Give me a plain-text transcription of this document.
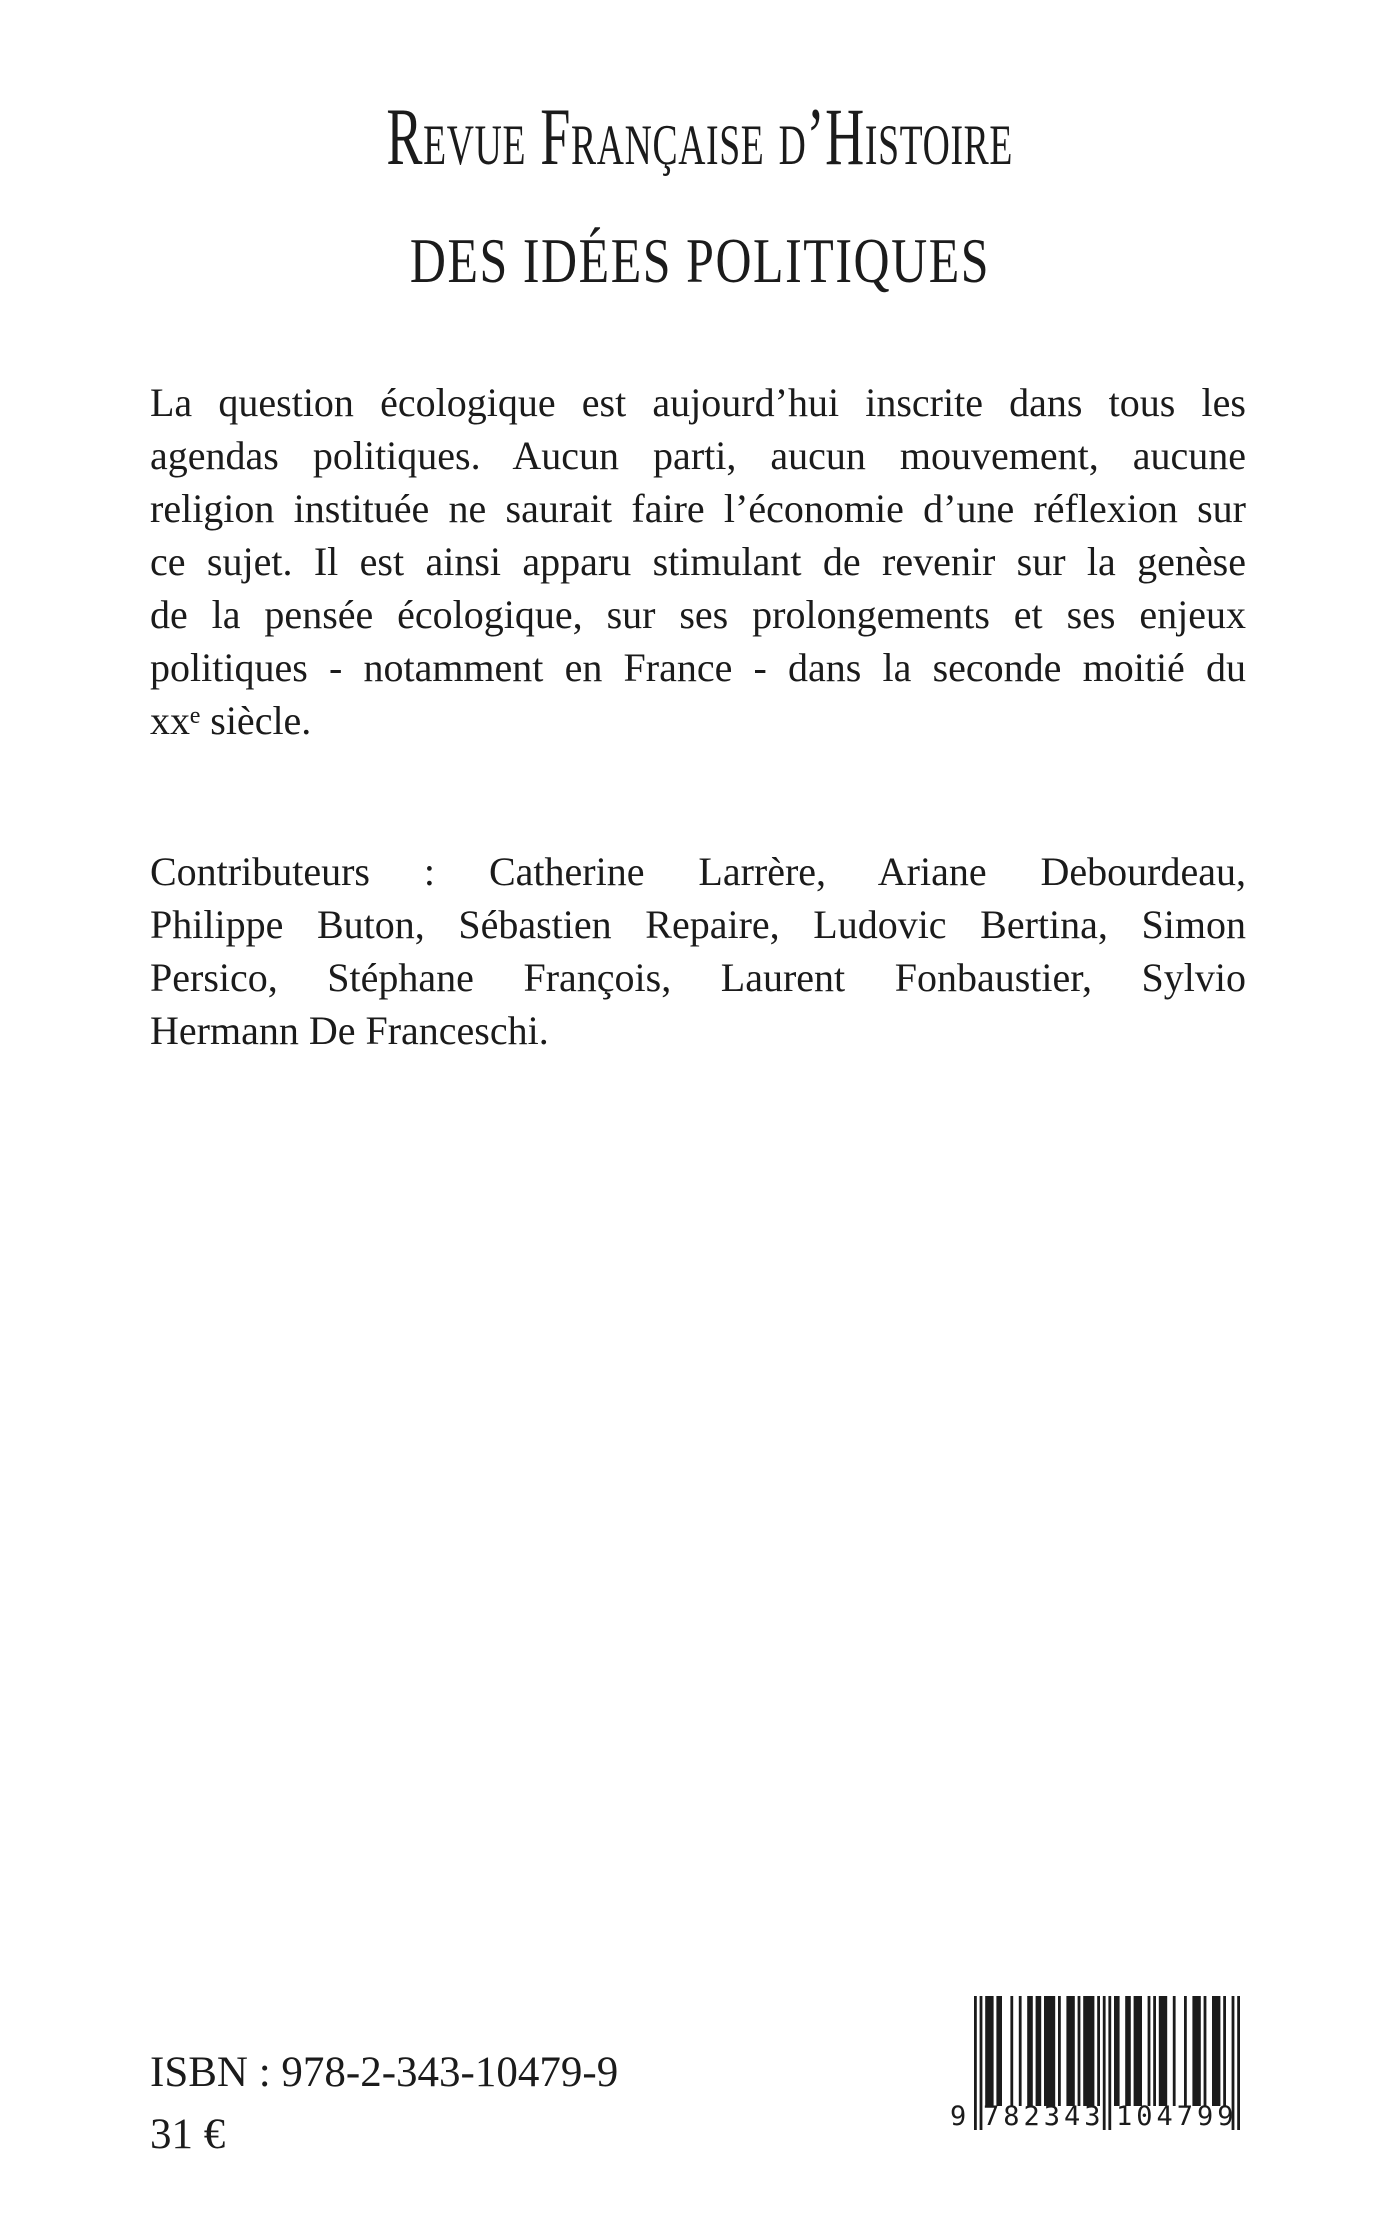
Revue Française d’Histoire
DES IDÉES POLITIQUES
La question écologique est aujourd’hui inscrite dans tous les
agendas politiques. Aucun parti, aucun mouvement, aucune
religion instituée ne saurait faire l’économie d’une réflexion sur
ce sujet. Il est ainsi apparu stimulant de revenir sur la genèse
de la pensée écologique, sur ses prolongements et ses enjeux
politiques - notamment en France - dans la seconde moitié du
xxᵉ siècle.
Contributeurs : Catherine Larrère, Ariane Debourdeau,
Philippe Buton, Sébastien Repaire, Ludovic Bertina, Simon
Persico, Stéphane François, Laurent Fonbaustier, Sylvio
Hermann De Franceschi.
ISBN : 978-2-343-10479-9
31 €	9 782343 104799
